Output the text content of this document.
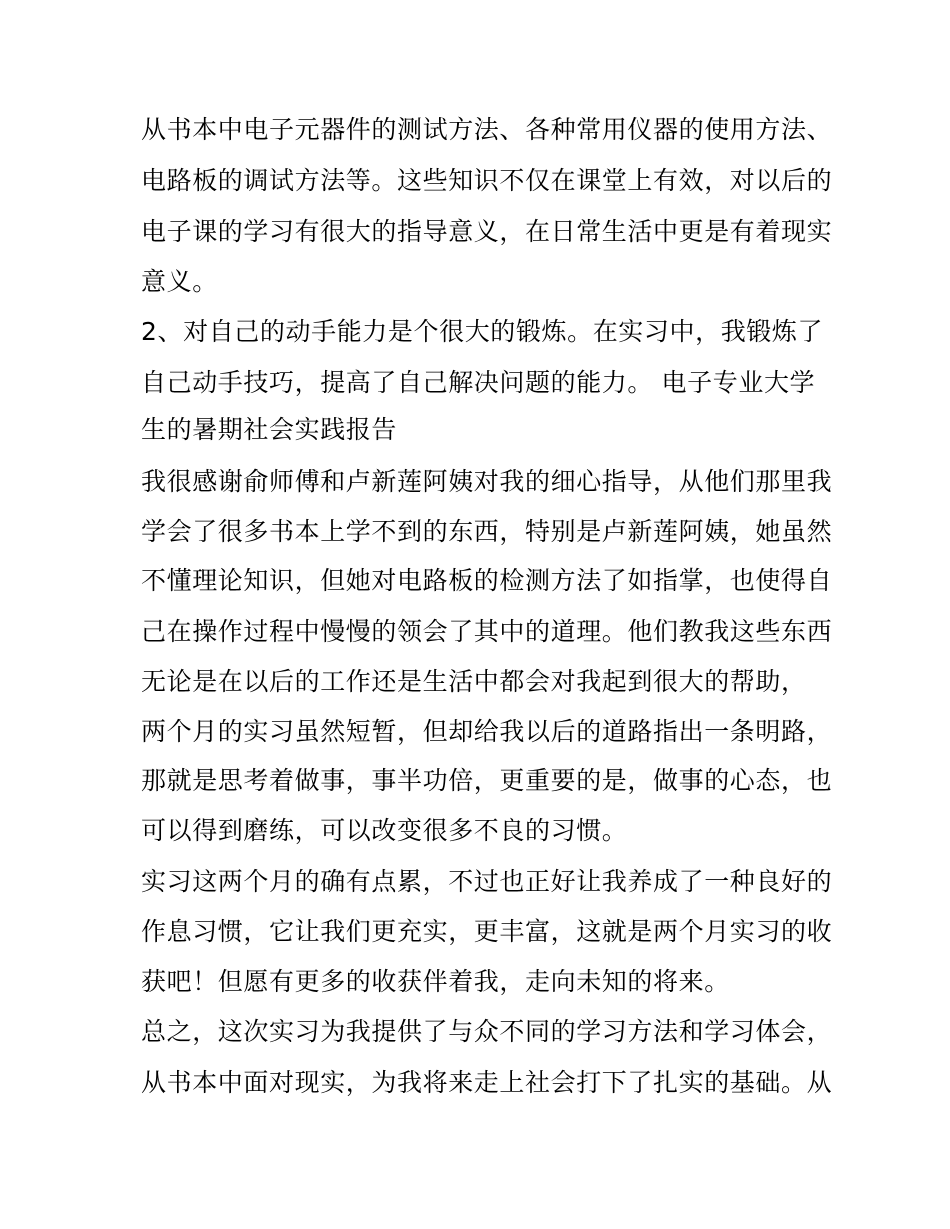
从书本中电子元器件的测试方法、各种常用仪器的使用方法、

电路板的调试方法等。这些知识不仅在课堂上有效，对以后的

电子课的学习有很大的指导意义，在日常生活中更是有着现实

意义。

2、对自己的动手能力是个很大的锻炼。在实习中，我锻炼了

自己动手技巧，提高了自己解决问题的能力。 电子专业大学

生的暑期社会实践报告

我很感谢俞师傅和卢新莲阿姨对我的细心指导，从他们那里我

学会了很多书本上学不到的东西，特别是卢新莲阿姨，她虽然

不懂理论知识，但她对电路板的检测方法了如指掌，也使得自

己在操作过程中慢慢的领会了其中的道理。他们教我这些东西

无论是在以后的工作还是生活中都会对我起到很大的帮助，

两个月的实习虽然短暂，但却给我以后的道路指出一条明路，

那就是思考着做事，事半功倍，更重要的是，做事的心态，也

可以得到磨练，可以改变很多不良的习惯。

实习这两个月的确有点累，不过也正好让我养成了一种良好的

作息习惯，它让我们更充实，更丰富，这就是两个月实习的收

获吧！但愿有更多的收获伴着我，走向未知的将来。

总之，这次实习为我提供了与众不同的学习方法和学习体会，

从书本中面对现实，为我将来走上社会打下了扎实的基础。从
